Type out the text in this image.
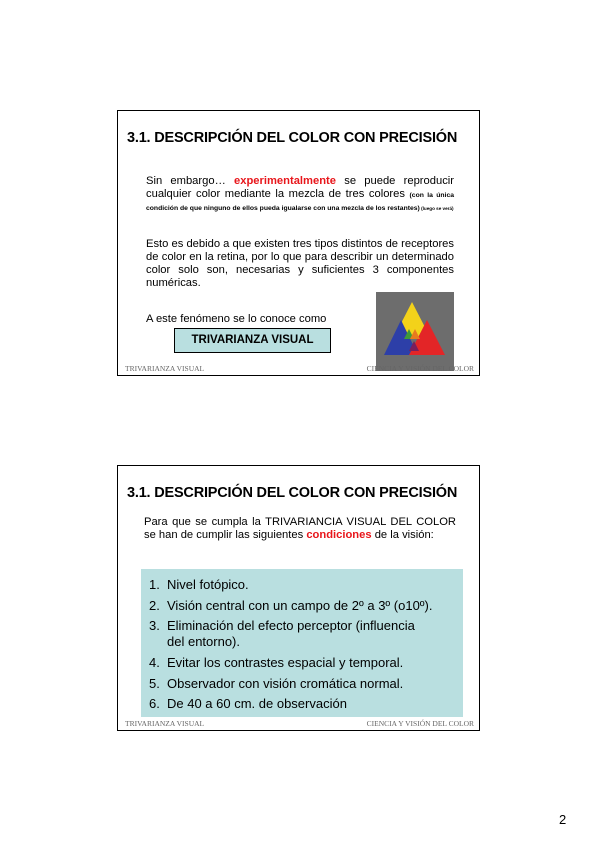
3.1. DESCRIPCIÓN DEL COLOR CON PRECISIÓN
Sin embargo… experimentalmente se puede reproducir cualquier color mediante la mezcla de tres colores (con la única condición de que ninguno de ellos pueda igualarse con una mezcla de los restantes) (luego se verá)
Esto es debido a que existen tres tipos distintos de receptores de color en la retina, por lo que para describir un determinado color solo son, necesarias y suficientes 3 componentes numéricas.
A este fenómeno se lo conoce como
TRIVARIANZA VISUAL
TRIVARIANZA VISUAL	CIENCIA Y VISIÓN DEL COLOR
3.1. DESCRIPCIÓN DEL COLOR CON PRECISIÓN
Para que se cumpla la TRIVARIANCIA VISUAL DEL COLOR se han de cumplir las siguientes condiciones de la visión:
1. Nivel fotópico.
2. Visión central con un campo de 2º a 3º (o10º).
3. Eliminación del efecto perceptor (influencia
del entorno).
4. Evitar los contrastes espacial y temporal.
5. Observador con visión cromática normal.
6. De 40 a 60 cm. de observación
TRIVARIANZA VISUAL	CIENCIA Y VISIÓN DEL COLOR
2
